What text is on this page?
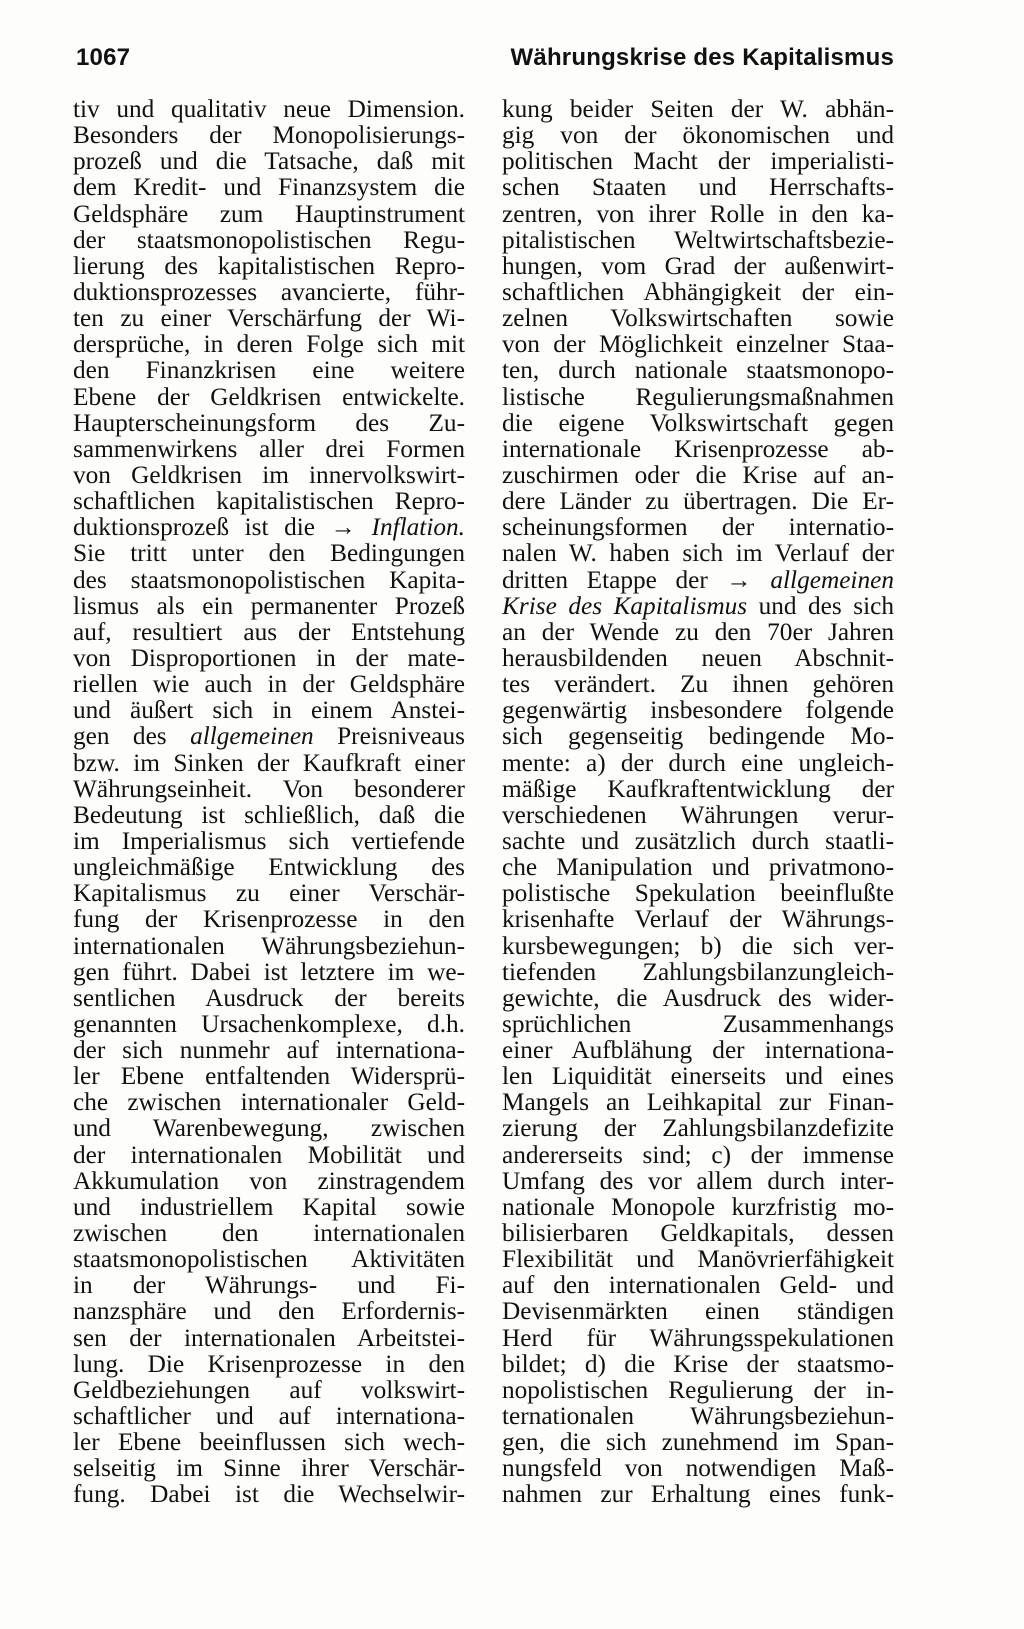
1067	Währungskrise des Kapitalismus
tiv und qualitativ neue Dimension.
Besonders der Monopolisierungs-
prozeß und die Tatsache, daß mit
dem Kredit- und Finanzsystem die
Geldsphäre zum Hauptinstrument
der staatsmonopolistischen Regu-
lierung des kapitalistischen Repro-
duktionsprozesses avancierte, führ-
ten zu einer Verschärfung der Wi-
dersprüche, in deren Folge sich mit
den Finanzkrisen eine weitere
Ebene der Geldkrisen entwickelte.
Haupterscheinungsform des Zu-
sammenwirkens aller drei Formen
von Geldkrisen im innervolkswirt-
schaftlichen kapitalistischen Repro-
duktionsprozeß ist die → Inflation.
Sie tritt unter den Bedingungen
des staatsmonopolistischen Kapita-
lismus als ein permanenter Prozeß
auf, resultiert aus der Entstehung
von Disproportionen in der mate-
riellen wie auch in der Geldsphäre
und äußert sich in einem Anstei-
gen des allgemeinen Preisniveaus
bzw. im Sinken der Kaufkraft einer
Währungseinheit. Von besonderer
Bedeutung ist schließlich, daß die
im Imperialismus sich vertiefende
ungleichmäßige Entwicklung des
Kapitalismus zu einer Verschär-
fung der Krisenprozesse in den
internationalen Währungsbeziehun-
gen führt. Dabei ist letztere im we-
sentlichen Ausdruck der bereits
genannten Ursachenkomplexe, d.h.
der sich nunmehr auf internationa-
ler Ebene entfaltenden Widersprü-
che zwischen internationaler Geld-
und Warenbewegung, zwischen
der internationalen Mobilität und
Akkumulation von zinstragendem
und industriellem Kapital sowie
zwischen den internationalen
staatsmonopolistischen Aktivitäten
in der Währungs- und Fi-
nanzsphäre und den Erfordernis-
sen der internationalen Arbeitstei-
lung. Die Krisenprozesse in den
Geldbeziehungen auf volkswirt-
schaftlicher und auf internationa-
ler Ebene beeinflussen sich wech-
selseitig im Sinne ihrer Verschär-
fung. Dabei ist die Wechselwir-
kung beider Seiten der W. abhän-
gig von der ökonomischen und
politischen Macht der imperialisti-
schen Staaten und Herrschafts-
zentren, von ihrer Rolle in den ka-
pitalistischen Weltwirtschaftsbezie-
hungen, vom Grad der außenwirt-
schaftlichen Abhängigkeit der ein-
zelnen Volkswirtschaften sowie
von der Möglichkeit einzelner Staa-
ten, durch nationale staatsmonopo-
listische Regulierungsmaßnahmen
die eigene Volkswirtschaft gegen
internationale Krisenprozesse ab-
zuschirmen oder die Krise auf an-
dere Länder zu übertragen. Die Er-
scheinungsformen der internatio-
nalen W. haben sich im Verlauf der
dritten Etappe der → allgemeinen
Krise des Kapitalismus und des sich
an der Wende zu den 70er Jahren
herausbildenden neuen Abschnit-
tes verändert. Zu ihnen gehören
gegenwärtig insbesondere folgende
sich gegenseitig bedingende Mo-
mente: a) der durch eine ungleich-
mäßige Kaufkraftentwicklung der
verschiedenen Währungen verur-
sachte und zusätzlich durch staatli-
che Manipulation und privatmono-
polistische Spekulation beeinflußte
krisenhafte Verlauf der Währungs-
kursbewegungen; b) die sich ver-
tiefenden Zahlungsbilanzungleich-
gewichte, die Ausdruck des wider-
sprüchlichen Zusammenhangs
einer Aufblähung der internationa-
len Liquidität einerseits und eines
Mangels an Leihkapital zur Finan-
zierung der Zahlungsbilanzdefizite
andererseits sind; c) der immense
Umfang des vor allem durch inter-
nationale Monopole kurzfristig mo-
bilisierbaren Geldkapitals, dessen
Flexibilität und Manövrierfähigkeit
auf den internationalen Geld- und
Devisenmärkten einen ständigen
Herd für Währungsspekulationen
bildet; d) die Krise der staatsmo-
nopolistischen Regulierung der in-
ternationalen Währungsbeziehun-
gen, die sich zunehmend im Span-
nungsfeld von notwendigen Maß-
nahmen zur Erhaltung eines funk-
